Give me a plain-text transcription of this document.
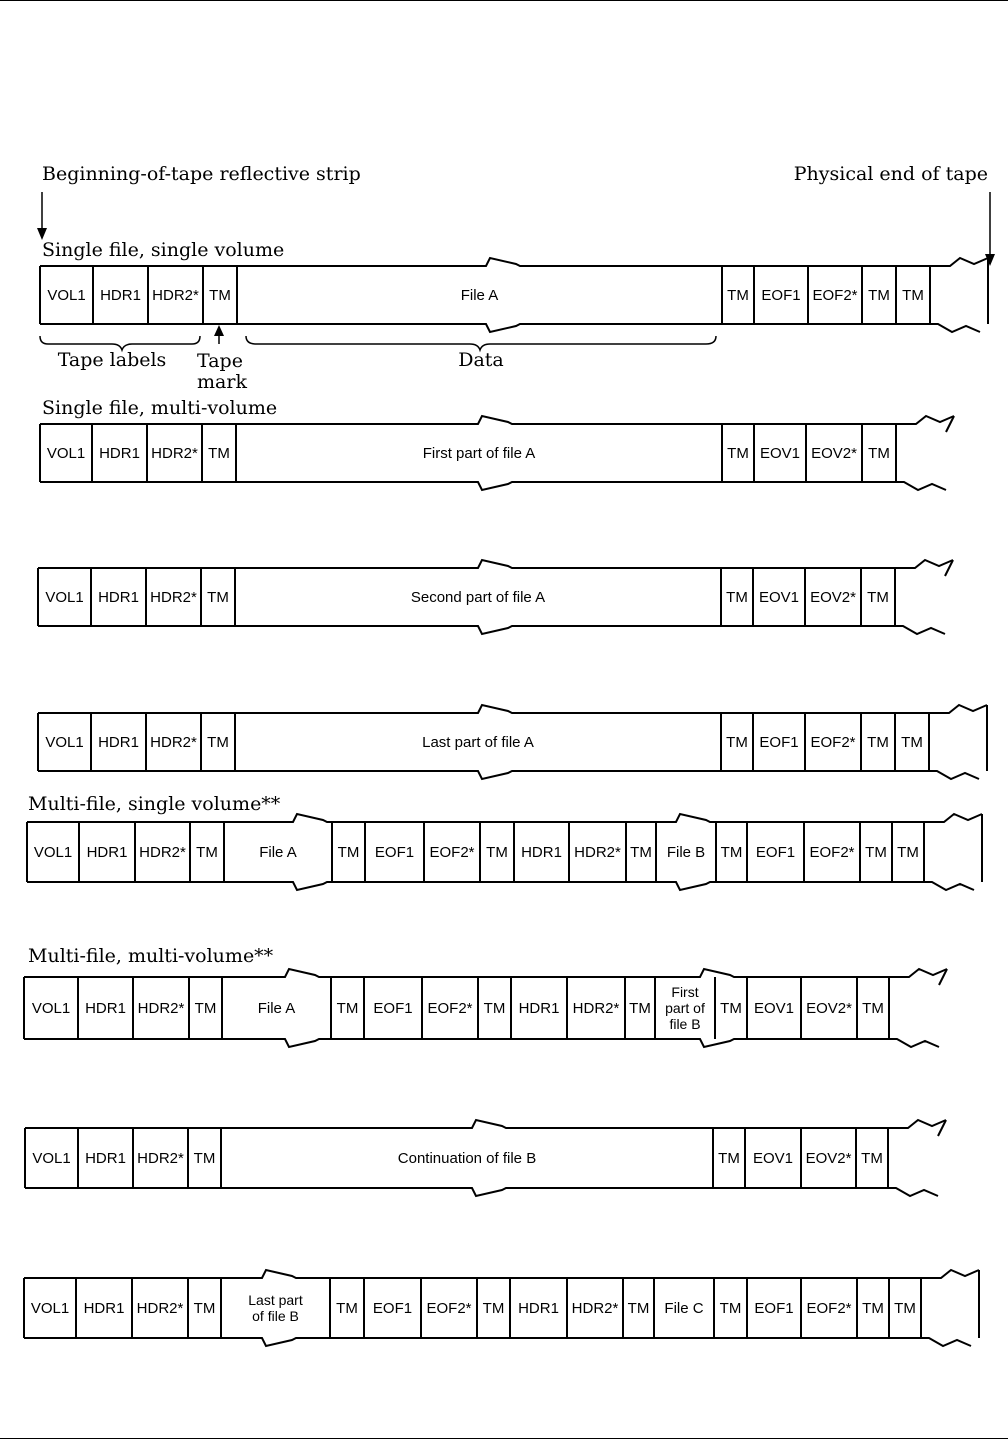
Beginning-of-tape reflective strip	Physical end of tape
Single file, single volume
Single file, multi-volume
Multi-file, single volume**
Multi-file, multi-volume**
Tape labels Tape
mark
Data
VOL1 HDR1 HDR2* TM	File A	TM EOF1 EOF2* TM TM
VOL1 HDR1 HDR2* TM	First part of file A	TM EOV1 EOV2* TM
VOL1 HDR1 HDR2* TM	Second part of file A	TM EOV1 EOV2* TM
VOL1 HDR1 HDR2* TM	Last part of file A	TM EOF1 EOF2* TM TM
VOL1 HDR1 HDR2* TM	File A	TM EOF1 EOF2* TM HDR1 HDR2* TM File B TM EOF1 EOF2* TM TM
VOL1 HDR1 HDR2* TM	File A	TM EOF1 EOF2* TM HDR1 HDR2* TM
First
part of
file B
TM EOV1 EOV2* TM
VOL1 HDR1 HDR2* TM	Continuation of file B	TM EOV1 EOV2* TM
VOL1 HDR1 HDR2* TM Last part
of file B TM EOF1 EOF2* TM HDR1 HDR2* TM File C TM EOF1 EOF2* TM TM
